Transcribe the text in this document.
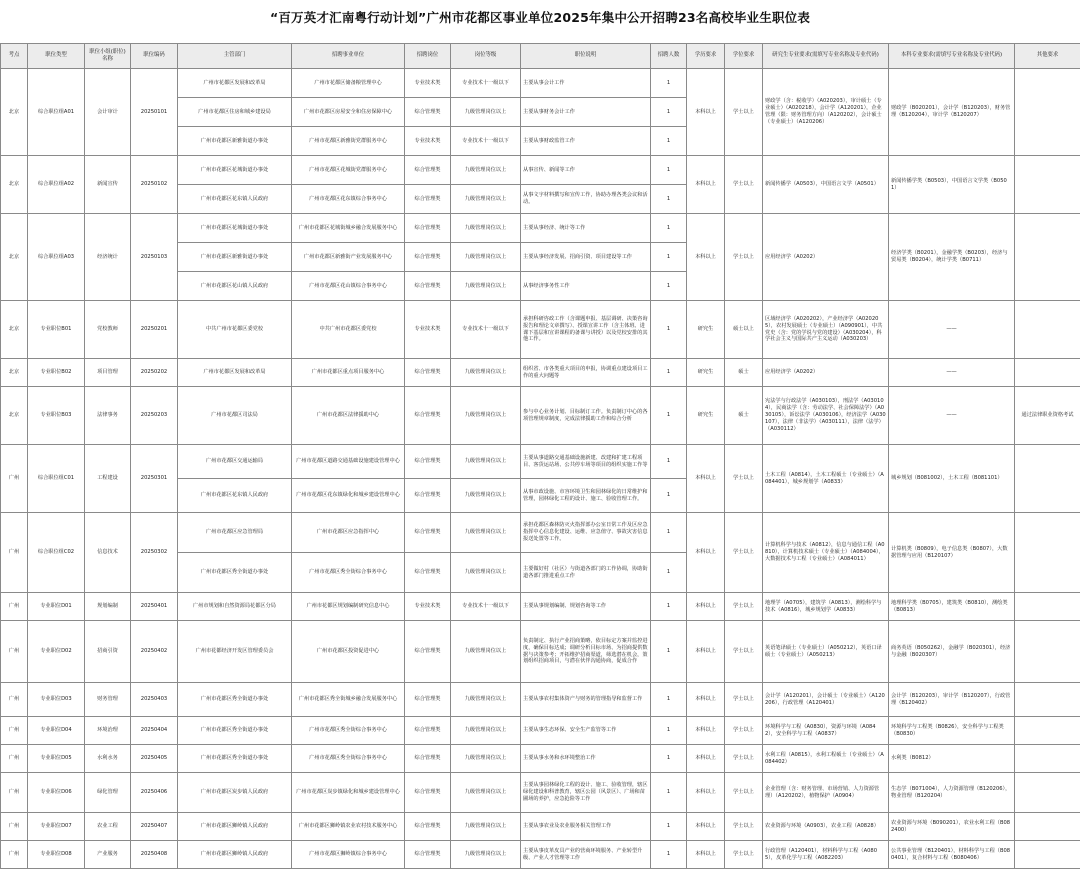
“百万英才汇南粤行动计划”广州市花都区事业单位2025年集中公开招聘23名高校毕业生职位表
考点	职位类型	职位小组(职位)名称	职位编码	主管部门	招聘事业单位	招聘岗位	岗位等级	职位说明	招聘人数	学历要求	学位要求	研究生专业要求(需填写专业名称及专业代码)	本科专业要求(需填写专业名称及专业代码)	其他要求
北京	综合职位组A01	会计审计	20250101	广州市花都区发展和改革局	广州市花都区储备粮管理中心	专业技术类	专业技术十一级以下	主要从事会计工作	1	本科以上	学士以上	财政学（含：税收学）（A020203），审计硕士（专业硕士）（A020218），会计学（A120201），企业管理（限：财务管理方向）（A120202），会计硕士（专业硕士）（A120206）	财政学（B020201），会计学（B120203），财务管理（B120204），审计学（B120207）	
				广州市花都区住房和城乡建设局	广州市花都区房屋安全和住房保障中心	综合管理类	九级管理岗位以上	主要从事财务会计工作	1					
				广州市花都区新雅街道办事处	广州市花都区新雅街党群服务中心	专业技术类	专业技术十一级以下	主要从事财政监管工作	1					
北京	综合职位组A02	新闻宣传	20250102	广州市花都区花城街道办事处	广州市花都区花城街党群服务中心	综合管理类	九级管理岗位以上	从事宣传、新闻等工作	1	本科以上	学士以上	新闻传播学（A0503），中国语言文学（A0501）	新闻传播学类（B0503），中国语言文学类（B0501）	
				广州市花都区花东镇人民政府	广州市花都区花东镇综合事务中心	综合管理类	九级管理岗位以上	从事文字材料撰写和宣传工作，协助办理各类会议和活动。	1					
北京	综合职位组A03	经济统计	20250103	广州市花都区花城街道办事处	广州市花都区花城街城乡融合发展服务中心	综合管理类	九级管理岗位以上	主要从事经济、统计等工作	1	本科以上	学士以上	应用经济学（A0202）	经济学类（B0201），金融学类（B0203），经济与贸易类（B0204），统计学类（B0711）	
				广州市花都区新雅街道办事处	广州市花都区新雅街产业发展服务中心	综合管理类	九级管理岗位以上	主要从事经济发展、招商引资、项目建设等工作	1					
				广州市花都区花山镇人民政府	广州市花都区花山镇综合事务中心	综合管理类	九级管理岗位以上	从事经济事务性工作	1					
北京	专业职位B01	党校教师	20250201	中共广州市花都区委党校	中共广州市花都区委党校	专业技术类	专业技术十一级以下	承担科研咨政工作（含课题申报、基层调研、决策咨询报告和理论文章撰写）、授课宣讲工作（含主体班、进课下基层和宣讲课程的备课与讲授）以及党校安排的其他工作。	1	研究生	硕士以上	区域经济学（A020202），产业经济学（A020205），农村发展硕士（专业硕士）（A090901），中共党史（含：党的学说与党的建设）（A030204），科学社会主义与国际共产主义运动（A030203）	——	
北京	专业职位B02	项目管理	20250202	广州市花都区发展和改革局	广州市花都区重点项目服务中心	综合管理类	九级管理岗位以上	组织省、市各类重大项目的申报，协调重点建设项目工作的重大问题等	1	研究生	硕士	应用经济学（A0202）	——	
北京	专业职位B03	法律事务	20250203	广州市花都区司法局	广州市花都区法律援助中心	综合管理类	九级管理岗位以上	参与中心业务计划、目标制订工作。负责制订中心的各项管理规章制度，完成法律援助工作和综合分析	1	研究生	硕士	宪法学与行政法学（A030103），刑法学（A030104），民商法学（含：劳动法学、社会保障法学）（A030105），诉讼法学（A030106），经济法学（A030107），法律（非法学）（A030111），法律（法学）（A030112）	——	通过法律职业资格考试
广州	综合职位组C01	工程建设	20250301	广州市花都区交通运输局	广州市花都区道路交通基础设施建设管理中心	综合管理类	九级管理岗位以上	主要从事道路交通基础设施新建、改建和扩建工程项目、客货运站场、公共停车场等项目的组织实施工作等	1	本科以上	学士以上	土木工程（A0814），土木工程硕士（专业硕士）（A084401），城乡规划学（A0833）	城乡规划（B081002），土木工程（B081101）	
				广州市花都区花东镇人民政府	广州市花都区花东镇绿化和城乡建设管理中心	综合管理类	九级管理岗位以上	从事市政设施、市容环境卫生和园林绿化的日常维护和管理，园林绿化工程的设计、施工、验收管理工作。	1					
广州	综合职位组C02	信息技术	20250302	广州市花都区应急管理局	广州市花都区应急指挥中心	综合管理类	九级管理岗位以上	承担花都区森林防灭火指挥部办公室日常工作及区应急指挥中心信息化建设、运维、应急值守、事故灾害信息报送处置等工作。	1	本科以上	学士以上	计算机科学与技术（A0812），信息与通信工程（A0810），计算机技术硕士（专业硕士）（A084004），大数据技术与工程（专业硕士）（A084011）	计算机类（B0809），电子信息类（B0807），大数据管理与应用（B120107）	
				广州市花都区秀全街道办事处	广州市花都区秀全街综合事务中心	综合管理类	九级管理岗位以上	主要做好村（社区）与街道各部门的工作协调，协助街道各部门推进重点工作	1					
广州	专业职位D01	规划编制	20250401	广州市规划和自然资源局花都区分局	广州市花都区规划编制研究信息中心	专业技术类	专业技术十一级以下	主要从事规划编制、规划咨询等工作	1	本科以上	学士以上	地理学（A0705），建筑学（A0813），测绘科学与技术（A0816），城乡规划学（A0833）	地理科学类（B0705），建筑类（B0810），测绘类（B0813）	
广州	专业职位D02	招商引资	20250402	广州市花都经济开发区管理委员会	广州市花都区投资促进中心	综合管理类	九级管理岗位以上	负责制定、执行产业招商策略，依目标定方案并监控进度，确保目标达成；调研分析目标市场、为招商提供数据与决策参考；开拓维护招商渠道，筛选潜在机会，策划组织招商项目，与潜在伙伴沟通协商，促成合作	1	本科以上	学士以上	英语笔译硕士（专业硕士）（A050212），英语口译硕士（专业硕士）（A050213）	商务英语（B050262），金融学（B020301），经济与金融（B020307）	
广州	专业职位D03	财务管理	20250403	广州市花都区秀全街道办事处	广州市花都区秀全街城乡融合发展服务中心	综合管理类	九级管理岗位以上	主要从事农村集体资产与财务的管理指导和监督工作	1	本科以上	学士以上	会计学（A120201），会计硕士（专业硕士）（A120206），行政管理（A120401）	会计学（B120203），审计学（B120207），行政管理（B120402）	
广州	专业职位D04	环境治理	20250404	广州市花都区秀全街道办事处	广州市花都区秀全街综合事务中心	综合管理类	九级管理岗位以上	主要从事生态环保、安全生产监管等工作	1	本科以上	学士以上	环境科学与工程（A0830），资源与环境（A0842），安全科学与工程（A0837）	环境科学与工程类（B0826），安全科学与工程类（B0830）	
广州	专业职位D05	水利水务	20250405	广州市花都区秀全街道办事处	广州市花都区秀全街综合事务中心	综合管理类	九级管理岗位以上	主要从事水务和水环境整治工作	1	本科以上	学士以上	水利工程（A0815），水利工程硕士（专业硕士）（A084402）	水利类（B0812）	
广州	专业职位D06	绿化管理	20250406	广州市花都区炭步镇人民政府	广州市花都区炭步镇绿化和城乡建设管理中心	综合管理类	九级管理岗位以上	主要从事园林绿化工程的设计、施工、验收管理，辖区绿化建设和科普教育，辖区公园（风景区）、广场和苗圃场的养护，应急抢险等工作	1	本科以上	学士以上	企业管理（含：财务管理、市场营销、人力资源管理）（A120202），植物保护（A0904）	生态学（B071004），人力资源管理（B120206），物业管理（B120204）	
广州	专业职位D07	农业工程	20250407	广州市花都区狮岭镇人民政府	广州市花都区狮岭镇农业农村技术服务中心	综合管理类	九级管理岗位以上	主要从事农业及农业服务相关管理工作	1	本科以上	学士以上	农业资源与环境（A0903），农业工程（A0828）	农业资源与环境（B090201），农业水利工程（B082400）	
广州	专业职位D08	产业服务	20250408	广州市花都区狮岭镇人民政府	广州市花都区狮岭镇综合事务中心	综合管理类	九级管理岗位以上	主要从事皮革皮具产业的营商环境服务、产业转型升级、产业人才管理等工作	1	本科以上	学士以上	行政管理（A120401），材料科学与工程（A0805），皮革化学与工程（A082203）	公共事业管理（B120401），材料科学与工程（B080401），复合材料与工程（B080406）	
